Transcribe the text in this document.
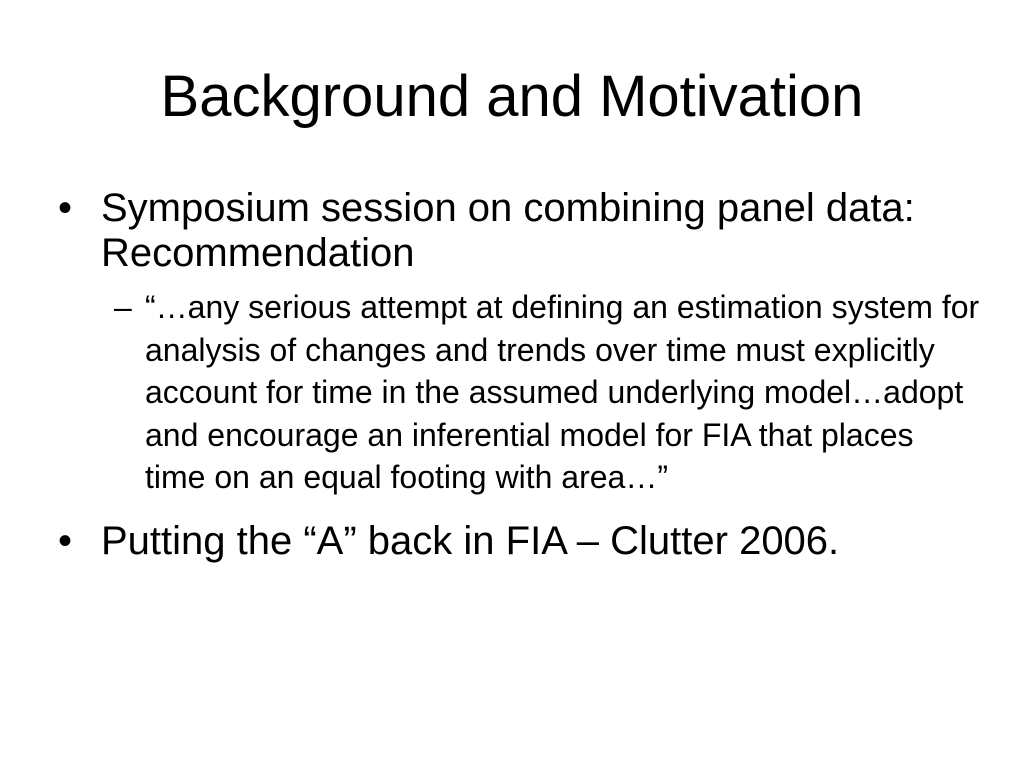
Background and Motivation
• Symposium session on combining panel data: Recommendation
– “…any serious attempt at defining an estimation system for analysis of changes and trends over time must explicitly account for time in the assumed underlying model…adopt and encourage an inferential model for FIA that places time on an equal footing with area…”
• Putting the “A” back in FIA – Clutter 2006.
